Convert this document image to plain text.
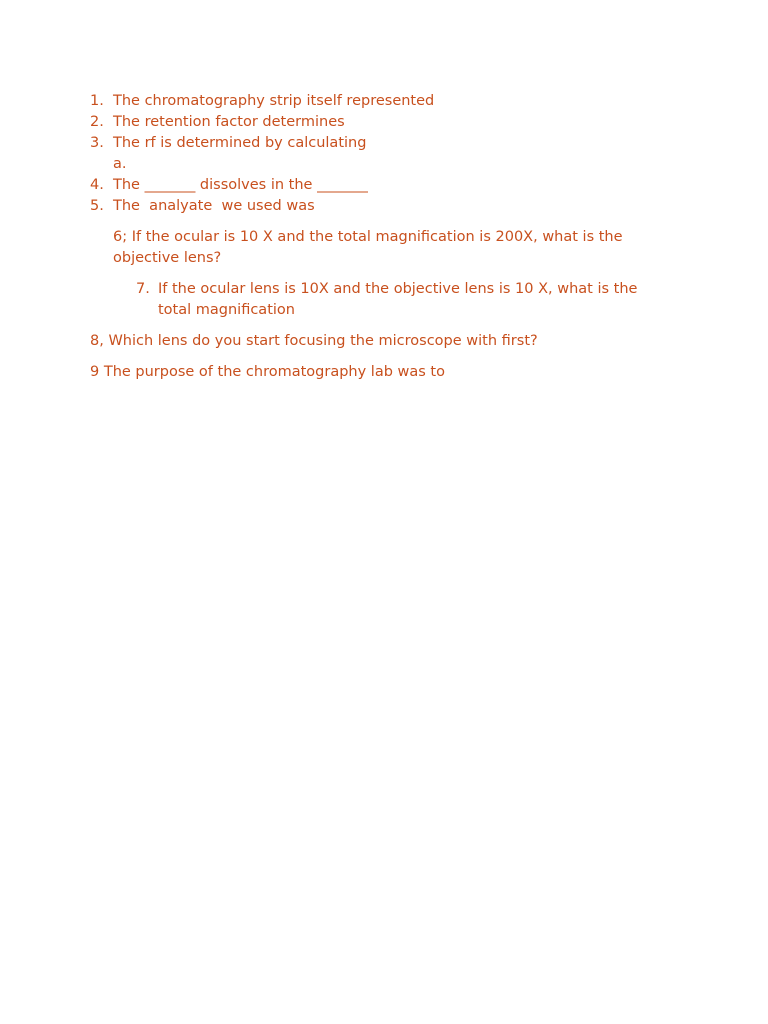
1. The chromatography strip itself represented
2. The retention factor determines
3. The rf is determined by calculating
a.
4. The _______ dissolves in the _______
5. The  analyate  we used was
6; If the ocular is 10 X and the total magnification is 200X, what is the
objective lens?
7. If the ocular lens is 10X and the objective lens is 10 X, what is the
total magnification
8, Which lens do you start focusing the microscope with first?
9 The purpose of the chromatography lab was to
